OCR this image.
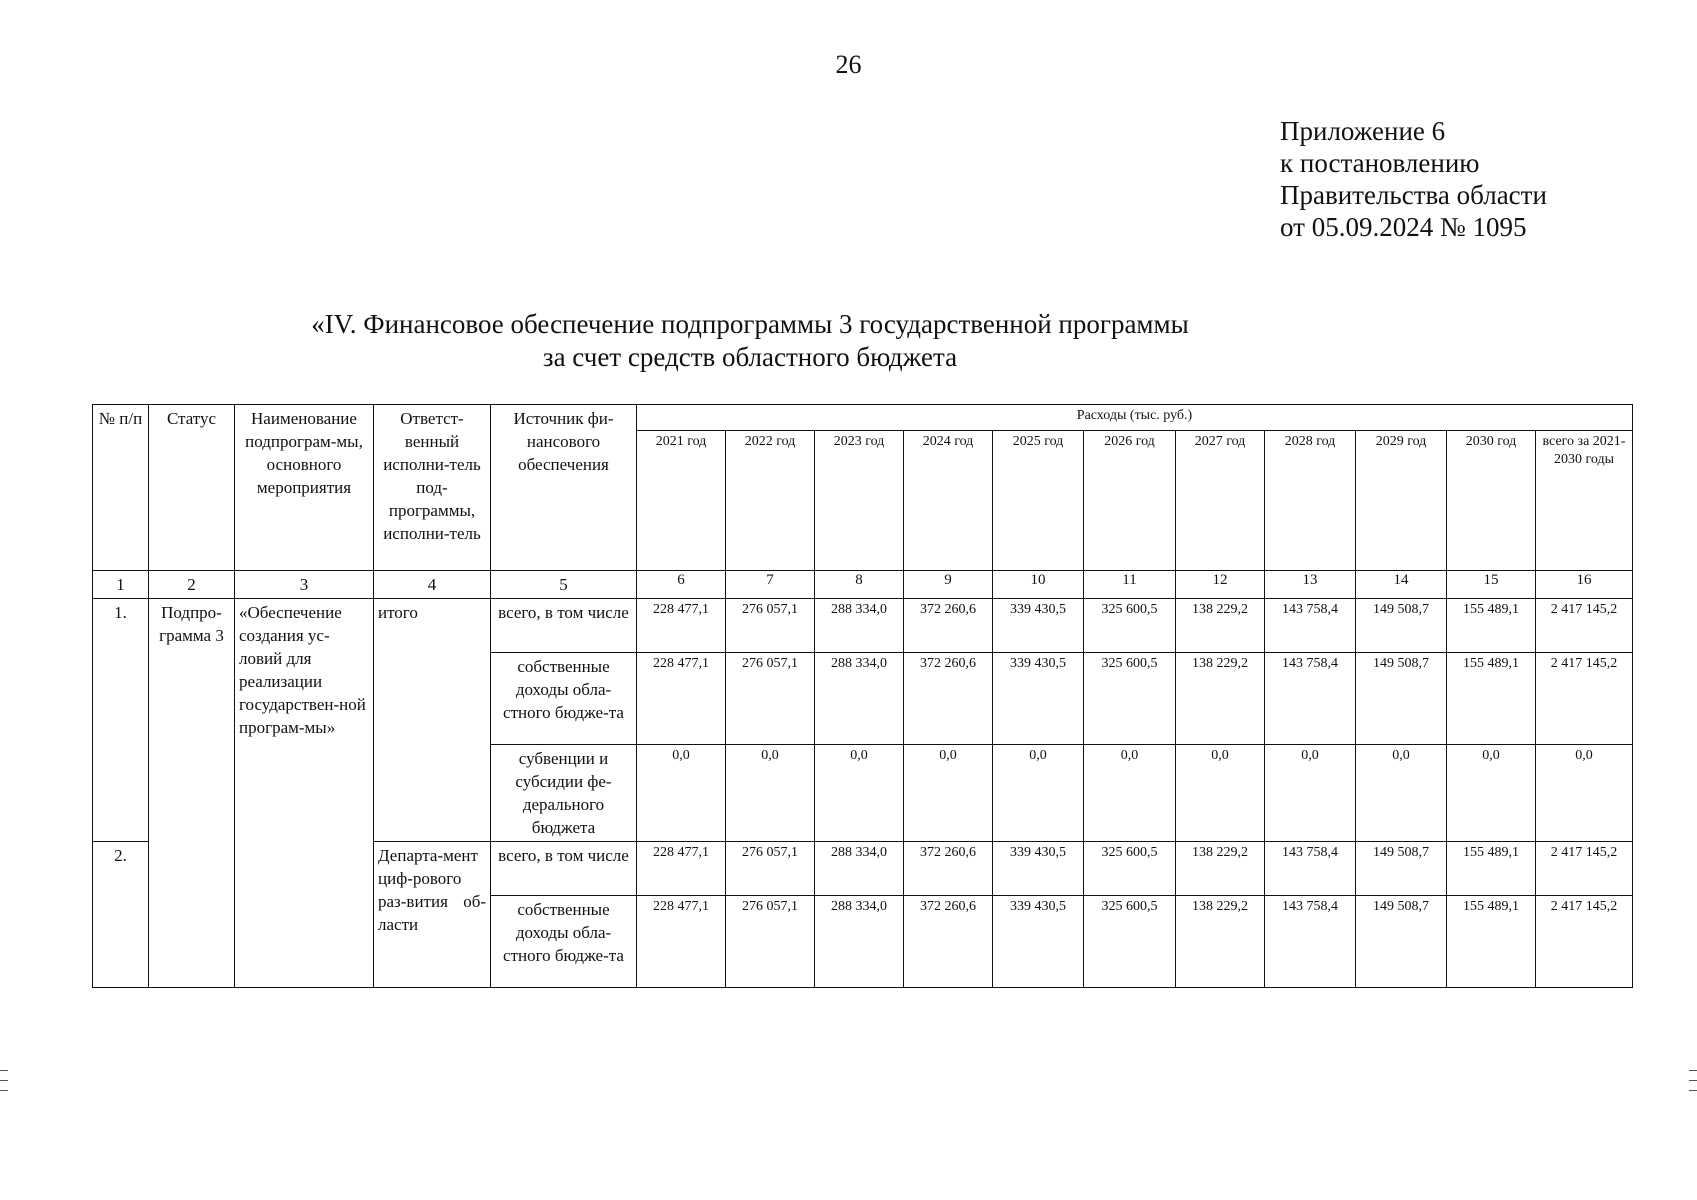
26
Приложение 6
к постановлению
Правительства области
от 05.09.2024 № 1095
«IV. Финансовое обеспечение подпрограммы 3 государственной программы
за счет средств областного бюджета
№ п/п	Статус	Наименование подпрограм-мы, основного мероприятия	Ответст-венный исполни-тель под-программы, исполни-тель	Источник фи-нансового обеспечения	Расходы (тыс. руб.)										
					2021 год	2022 год	2023 год	2024 год	2025 год	2026 год	2027 год	2028 год	2029 год	2030 год	всего за 2021-2030 годы
1	2	3	4	5	6	7	8	9	10	11	12	13	14	15	16
1.	Подпро-грамма 3	«Обеспечение создания ус-ловий для реализации государствен-ной програм-мы»	итого	всего, в том числе	228 477,1	276 057,1	288 334,0	372 260,6	339 430,5	325 600,5	138 229,2	143 758,4	149 508,7	155 489,1	2 417 145,2
				собственные доходы обла-стного бюдже-та	228 477,1	276 057,1	288 334,0	372 260,6	339 430,5	325 600,5	138 229,2	143 758,4	149 508,7	155 489,1	2 417 145,2
				субвенции и субсидии фе-дерального бюджета	0,0	0,0	0,0	0,0	0,0	0,0	0,0	0,0	0,0	0,0	0,0
2.			Департа-мент циф-рового раз-вития об-ласти	всего, в том числе	228 477,1	276 057,1	288 334,0	372 260,6	339 430,5	325 600,5	138 229,2	143 758,4	149 508,7	155 489,1	2 417 145,2
				собственные доходы обла-стного бюдже-та	228 477,1	276 057,1	288 334,0	372 260,6	339 430,5	325 600,5	138 229,2	143 758,4	149 508,7	155 489,1	2 417 145,2
